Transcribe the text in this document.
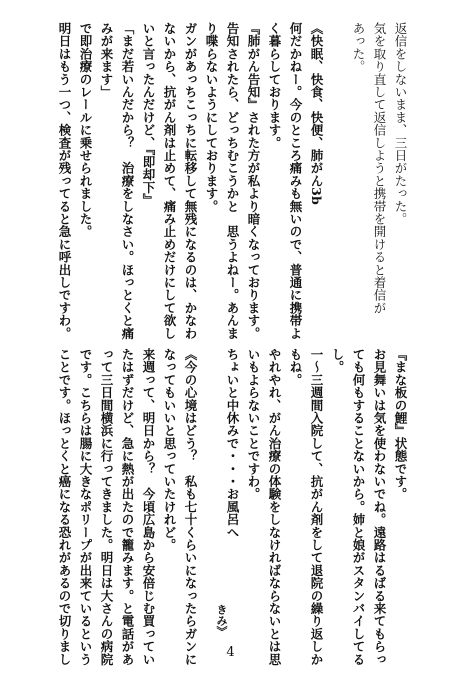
返信をしないまま、三日がたった。
気を取り直して返信しようと携帯を開けると着信が
あった。
《快眠、快食、快便、肺がん3b
何だかねー。今のところ痛みも無いので、普通に携帯よ
く暮らしております。
『肺がん告知』された方が私より暗くなっております。
告知されたら、どっちむこうかと　思うよねー。あんま
り喋らないようにしております。
ガンがあっちこっちに転移して無残になるのは、かなわ
ないから、抗がん剤は止めて、痛み止めだけにして欲し
いと言ったんだけど、『即却下』
「まだ若いんだから？　治療をしなさい。ほっとくと痛
みが来ます」
で即治療のレールに乗せられました。
明日はもう一つ、検査が残ってると急に呼出しですわ。
『まな板の鯉』状態です。
お見舞いは気を使わないでね。遠路はるばる来てもらっ
ても何もすることないから。姉と娘がスタンバイしてる
し。
一〜三週間入院して、抗がん剤をして退院の繰り返しか
もね。
やれやれ、がん治療の体験をしなければならないとは思
いもよらないことですわ。
ちょいと中休みで・・・お風呂へ
《今の心境はどう？　私も七十くらいになったらガンに
なってもいいと思っていたけれど。
来週って、明日から？　今頃広島から安倍じむ買ってい
たはずだけど、急に熱が出たので籠みます。と電話があ
って三日間横浜に行ってきました。明日は大さんの病院
です。こちらは腸に大きなポリープが出来ているという
ことです。ほっとくと癌になる恐れがあるので切りまし	きみ》
4
